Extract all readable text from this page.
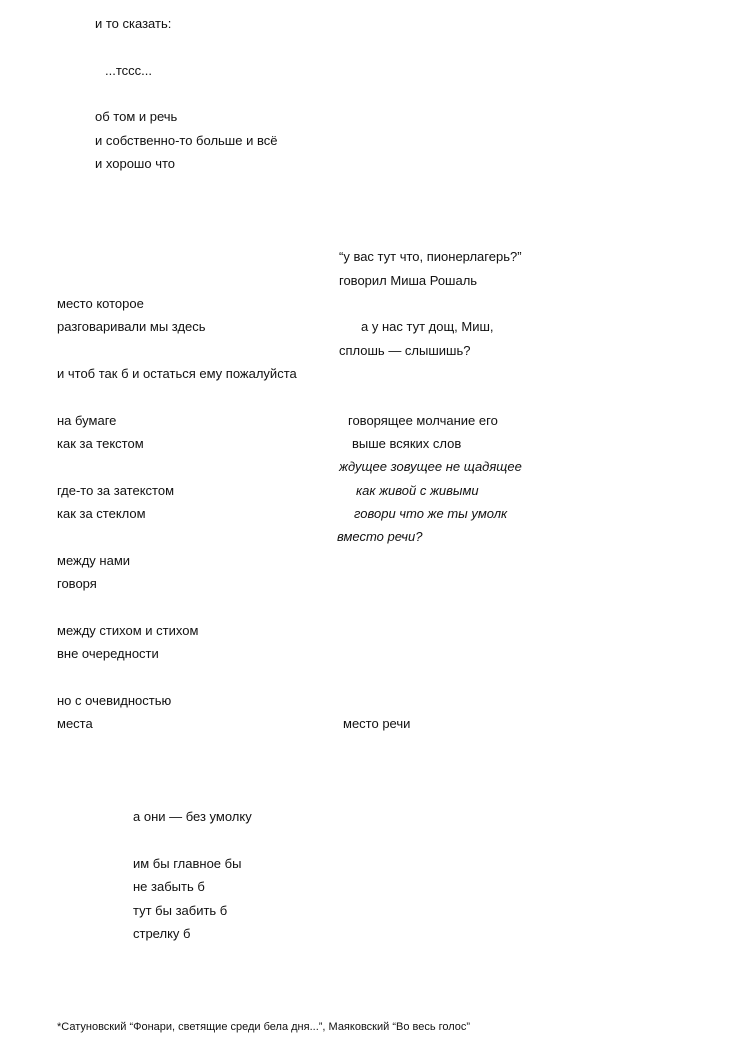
и то сказать:
...тссс...
об том и речь
и собственно-то больше и всё
и хорошо что
“у вас тут что, пионерлагерь?”
говорил Миша Рошаль
а у нас тут дощ, Миш,
сплошь — слышишь?
место которое
разговаривали мы здесь
и чтоб так б и остаться ему пожалуйста
на бумаге
как за текстом
где-то за затекстом
как за стеклом
между нами
говоря
между стихом и стихом
вне очередности
но с очевидностью
места
говорящее молчание его
выше всяких слов
ждущее зовущее не щадящее
как живой с живыми
говори что же ты умолк
вместо речи?
место речи
а они — без умолку
им бы главное бы
не забыть б
тут бы забить б
стрелку б
*Сатуновский “Фонари, светящие среди бела дня...”, Маяковский “Во весь голос”
